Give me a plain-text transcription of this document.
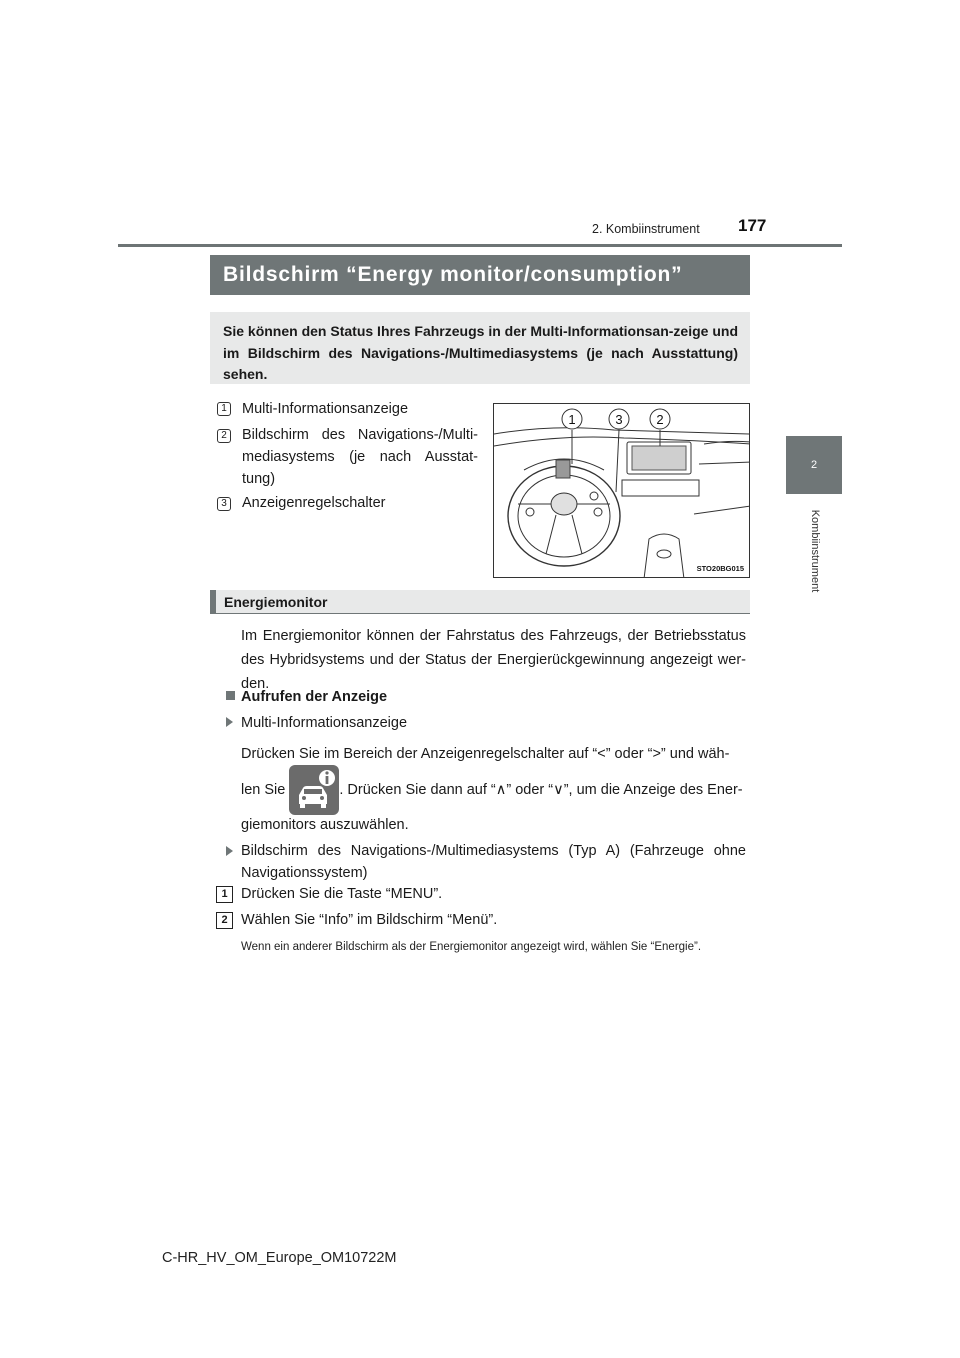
2. Kombiinstrument 177
2
Kombiinstrument
Bildschirm “Energy monitor/consumption”
Sie können den Status Ihres Fahrzeugs in der Multi-Informationsan-zeige und im Bildschirm des Navigations-/Multimediasystems (je nach Ausstattung) sehen.
1 Multi-Informationsanzeige
2 Bildschirm des Navigations-/Multi-mediasystems (je nach Ausstat-tung)
3 Anzeigenregelschalter
1	3	2
STO20BG015
Energiemonitor
Im Energiemonitor können der Fahrstatus des Fahrzeugs, der Betriebsstatus des Hybridsystems und der Status der Energierückgewinnung angezeigt wer-den.
Aufrufen der Anzeige
Multi-Informationsanzeige
Drücken Sie im Bereich der Anzeigenregelschalter auf “<” oder “>” und wäh-
len Sie	. Drücken Sie dann auf “∧” oder “∨”, um die Anzeige des Ener-
giemonitors auszuwählen.
Bildschirm des Navigations-/Multimediasystems (Typ A) (Fahrzeuge ohne Navigationssystem)
1 Drücken Sie die Taste “MENU”.
2 Wählen Sie “Info” im Bildschirm “Menü”.
Wenn ein anderer Bildschirm als der Energiemonitor angezeigt wird, wählen Sie “Energie”.
C-HR_HV_OM_Europe_OM10722M
